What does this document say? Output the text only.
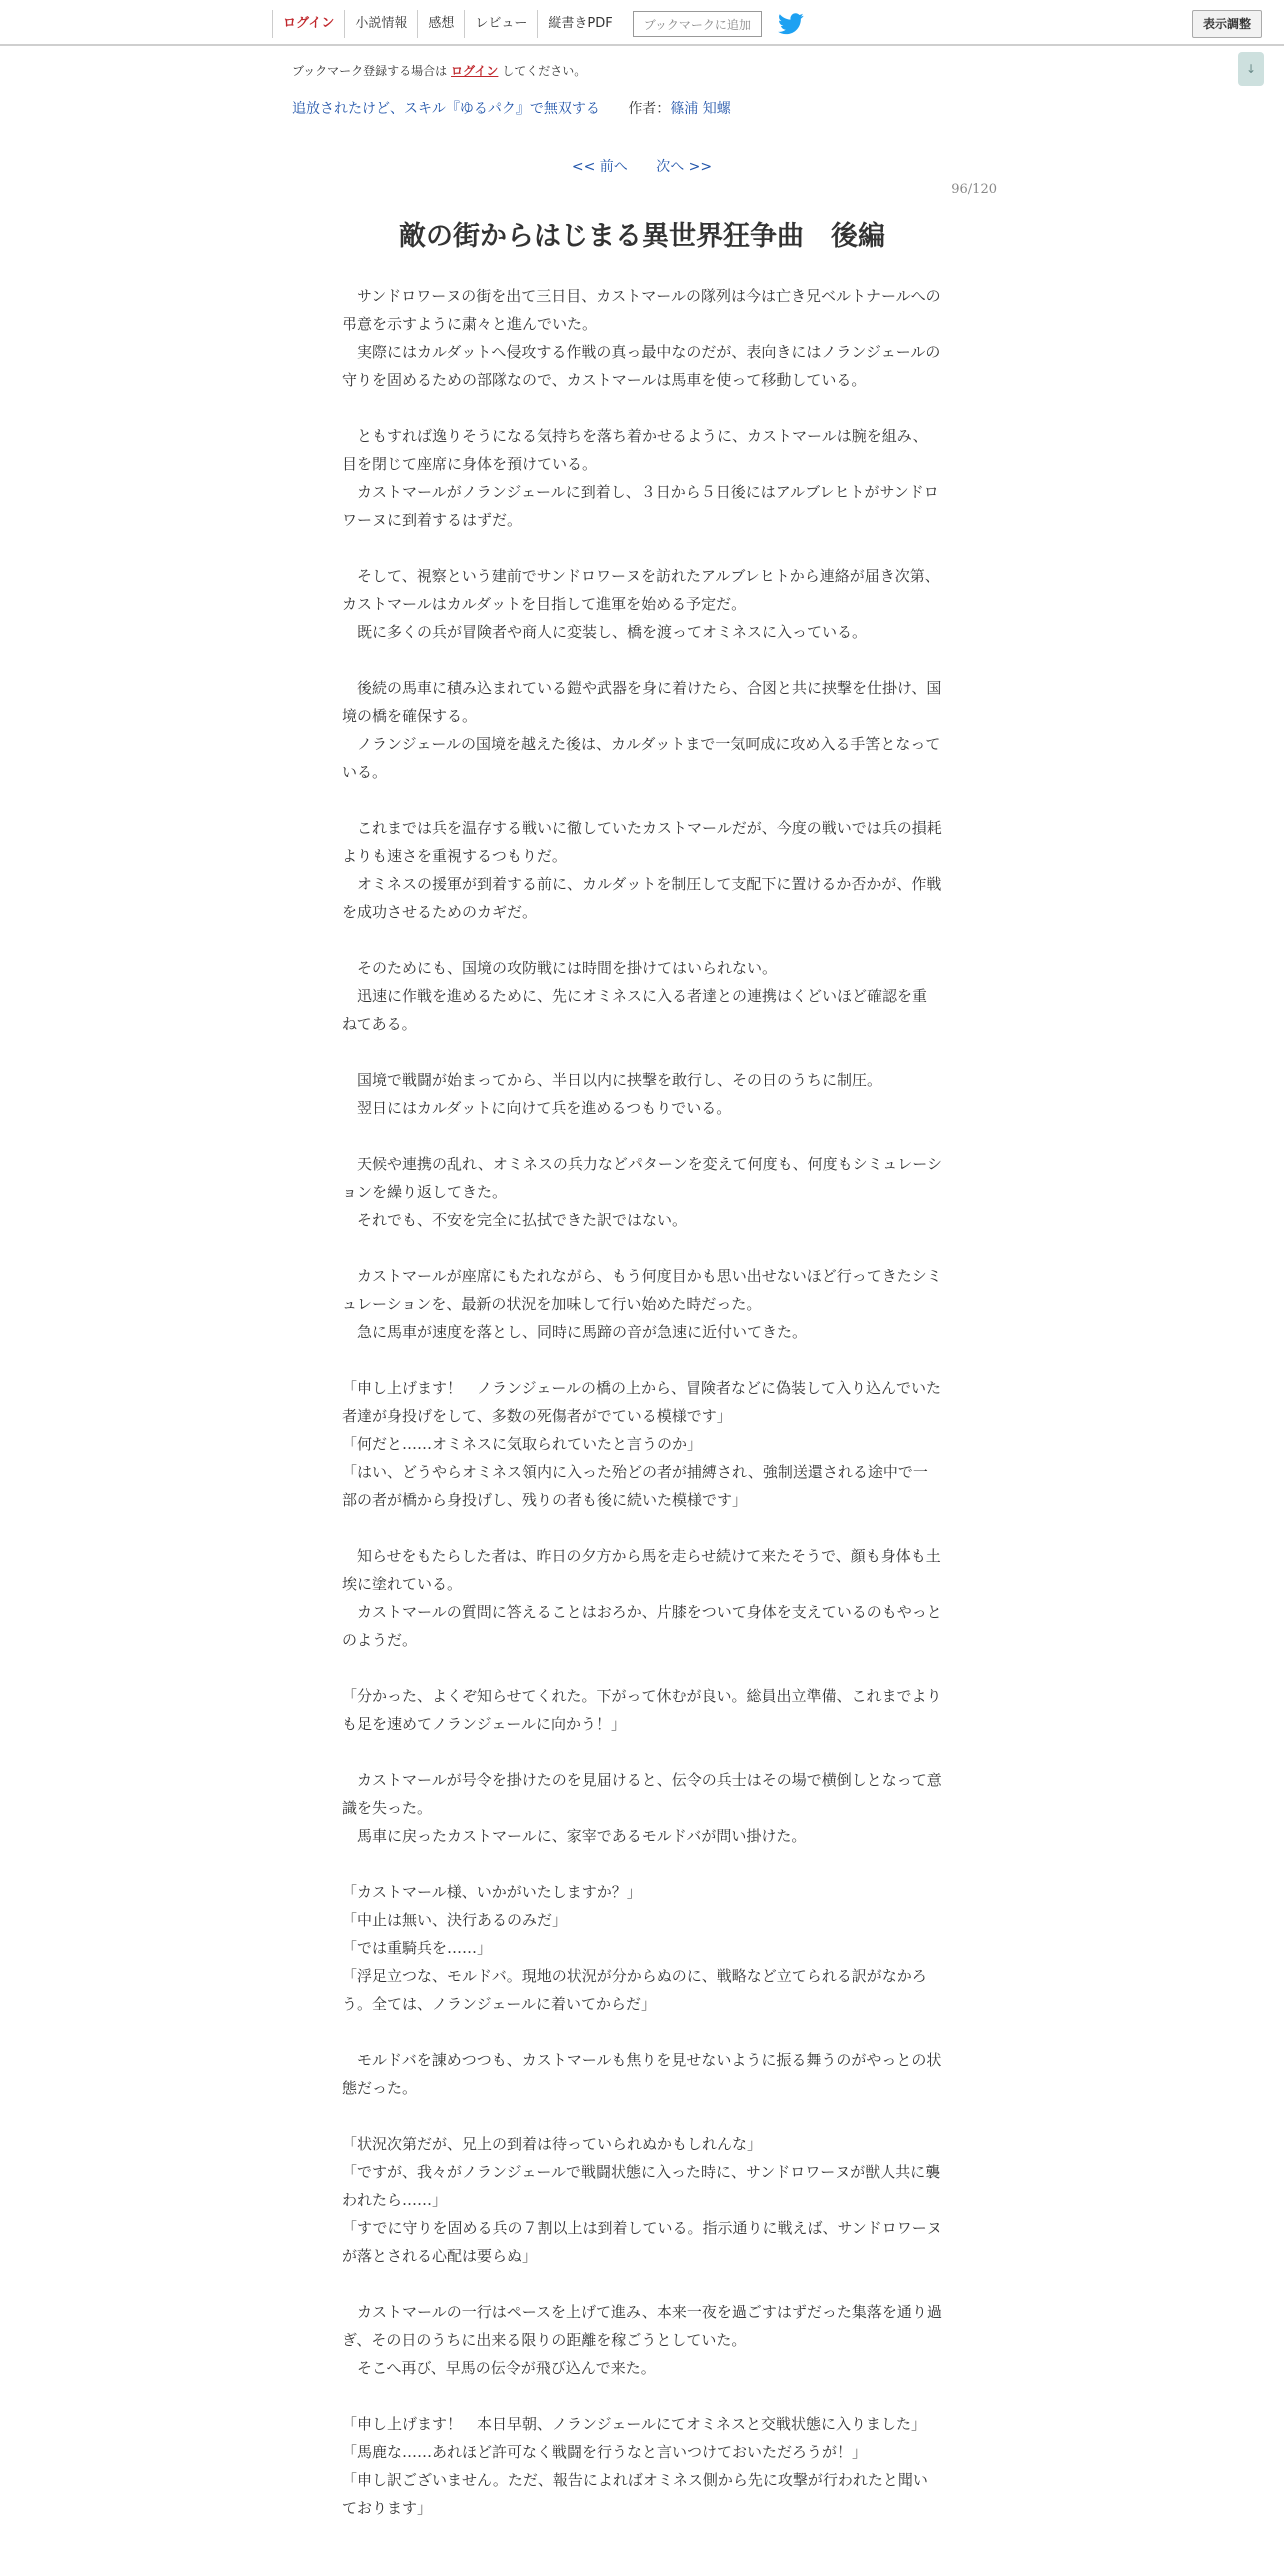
ログイン	小説情報	感想	レビュー	縦書きPDF	ブックマークに追加	表示調整
↓
ブックマーク登録する場合は ログイン してください。
追放されたけど、スキル『ゆるパク』で無双する 作者：篠浦 知螺
<< 前へ 次へ >>
96/120
敵の街からはじまる異世界狂争曲　後編

　サンドロワーヌの街を出て三日目、カストマールの隊列は今は亡き兄ベルトナールへの弔意を示すように粛々と進んでいた。

　実際にはカルダットへ侵攻する作戦の真っ最中なのだが、表向きにはノランジェールの守りを固めるための部隊なので、カストマールは馬車を使って移動している。

　ともすれば逸りそうになる気持ちを落ち着かせるように、カストマールは腕を組み、目を閉じて座席に身体を預けている。

　カストマールがノランジェールに到着し、３日から５日後にはアルブレヒトがサンドロワーヌに到着するはずだ。

　そして、視察という建前でサンドロワーヌを訪れたアルブレヒトから連絡が届き次第、カストマールはカルダットを目指して進軍を始める予定だ。

　既に多くの兵が冒険者や商人に変装し、橋を渡ってオミネスに入っている。

　後続の馬車に積み込まれている鎧や武器を身に着けたら、合図と共に挟撃を仕掛け、国境の橋を確保する。

　ノランジェールの国境を越えた後は、カルダットまで一気呵成に攻め入る手筈となっている。

　これまでは兵を温存する戦いに徹していたカストマールだが、今度の戦いでは兵の損耗よりも速さを重視するつもりだ。

　オミネスの援軍が到着する前に、カルダットを制圧して支配下に置けるか否かが、作戦を成功させるためのカギだ。

　そのためにも、国境の攻防戦には時間を掛けてはいられない。

　迅速に作戦を進めるために、先にオミネスに入る者達との連携はくどいほど確認を重ねてある。

　国境で戦闘が始まってから、半日以内に挟撃を敢行し、その日のうちに制圧。

　翌日にはカルダットに向けて兵を進めるつもりでいる。

　天候や連携の乱れ、オミネスの兵力などパターンを変えて何度も、何度もシミュレーションを繰り返してきた。

　それでも、不安を完全に払拭できた訳ではない。

　カストマールが座席にもたれながら、もう何度目かも思い出せないほど行ってきたシミュレーションを、最新の状況を加味して行い始めた時だった。

　急に馬車が速度を落とし、同時に馬蹄の音が急速に近付いてきた。

「申し上げます！　ノランジェールの橋の上から、冒険者などに偽装して入り込んでいた者達が身投げをして、多数の死傷者がでている模様です」

「何だと……オミネスに気取られていたと言うのか」

「はい、どうやらオミネス領内に入った殆どの者が捕縛され、強制送還される途中で一部の者が橋から身投げし、残りの者も後に続いた模様です」

　知らせをもたらした者は、昨日の夕方から馬を走らせ続けて来たそうで、顔も身体も土埃に塗れている。

　カストマールの質問に答えることはおろか、片膝をついて身体を支えているのもやっとのようだ。

「分かった、よくぞ知らせてくれた。下がって休むが良い。総員出立準備、これまでよりも足を速めてノランジェールに向かう！」

　カストマールが号令を掛けたのを見届けると、伝令の兵士はその場で横倒しとなって意識を失った。

　馬車に戻ったカストマールに、家宰であるモルドバが問い掛けた。

「カストマール様、いかがいたしますか？」

「中止は無い、決行あるのみだ」

「では重騎兵を……」

「浮足立つな、モルドバ。現地の状況が分からぬのに、戦略など立てられる訳がなかろう。全ては、ノランジェールに着いてからだ」

　モルドバを諌めつつも、カストマールも焦りを見せないように振る舞うのがやっとの状態だった。

「状況次第だが、兄上の到着は待っていられぬかもしれんな」

「ですが、我々がノランジェールで戦闘状態に入った時に、サンドロワーヌが獣人共に襲われたら……」

「すでに守りを固める兵の７割以上は到着している。指示通りに戦えば、サンドロワーヌが落とされる心配は要らぬ」

　カストマールの一行はペースを上げて進み、本来一夜を過ごすはずだった集落を通り過ぎ、その日のうちに出来る限りの距離を稼ごうとしていた。

　そこへ再び、早馬の伝令が飛び込んで来た。

「申し上げます！　本日早朝、ノランジェールにてオミネスと交戦状態に入りました」

「馬鹿な……あれほど許可なく戦闘を行うなと言いつけておいただろうが！」

「申し訳ございません。ただ、報告によればオミネス側から先に攻撃が行われたと聞いております」
